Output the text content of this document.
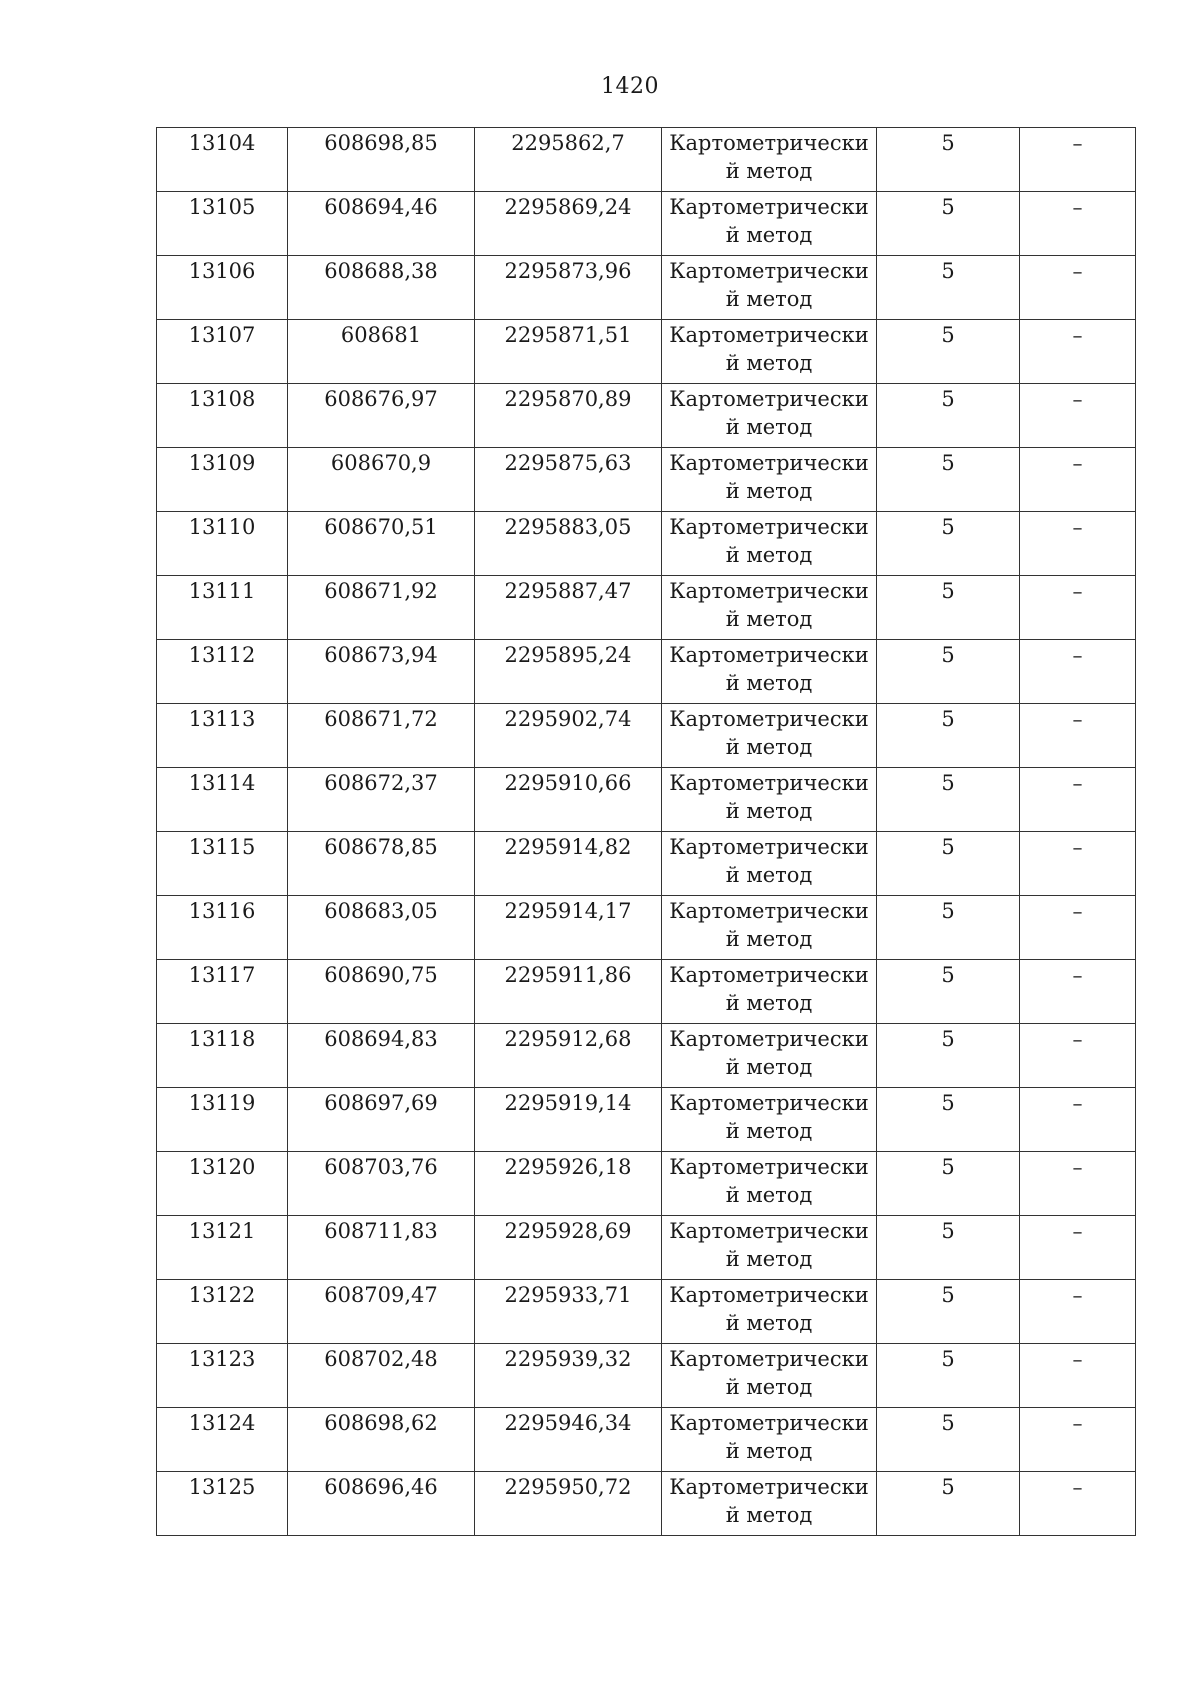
1420
13104	608698,85	2295862,7	Картометрически й метод	5	–

13105	608694,46	2295869,24	Картометрически й метод	5	–

13106	608688,38	2295873,96	Картометрически й метод	5	–

13107	608681	2295871,51	Картометрически й метод	5	–

13108	608676,97	2295870,89	Картометрически й метод	5	–

13109	608670,9	2295875,63	Картометрически й метод	5	–

13110	608670,51	2295883,05	Картометрически й метод	5	–

13111	608671,92	2295887,47	Картометрически й метод	5	–

13112	608673,94	2295895,24	Картометрически й метод	5	–

13113	608671,72	2295902,74	Картометрически й метод	5	–

13114	608672,37	2295910,66	Картометрически й метод	5	–

13115	608678,85	2295914,82	Картометрически й метод	5	–

13116	608683,05	2295914,17	Картометрически й метод	5	–

13117	608690,75	2295911,86	Картометрически й метод	5	–

13118	608694,83	2295912,68	Картометрически й метод	5	–

13119	608697,69	2295919,14	Картометрически й метод	5	–

13120	608703,76	2295926,18	Картометрически й метод	5	–

13121	608711,83	2295928,69	Картометрически й метод	5	–

13122	608709,47	2295933,71	Картометрически й метод	5	–

13123	608702,48	2295939,32	Картометрически й метод	5	–

13124	608698,62	2295946,34	Картометрически й метод	5	–

13125	608696,46	2295950,72	Картометрически й метод	5	–
